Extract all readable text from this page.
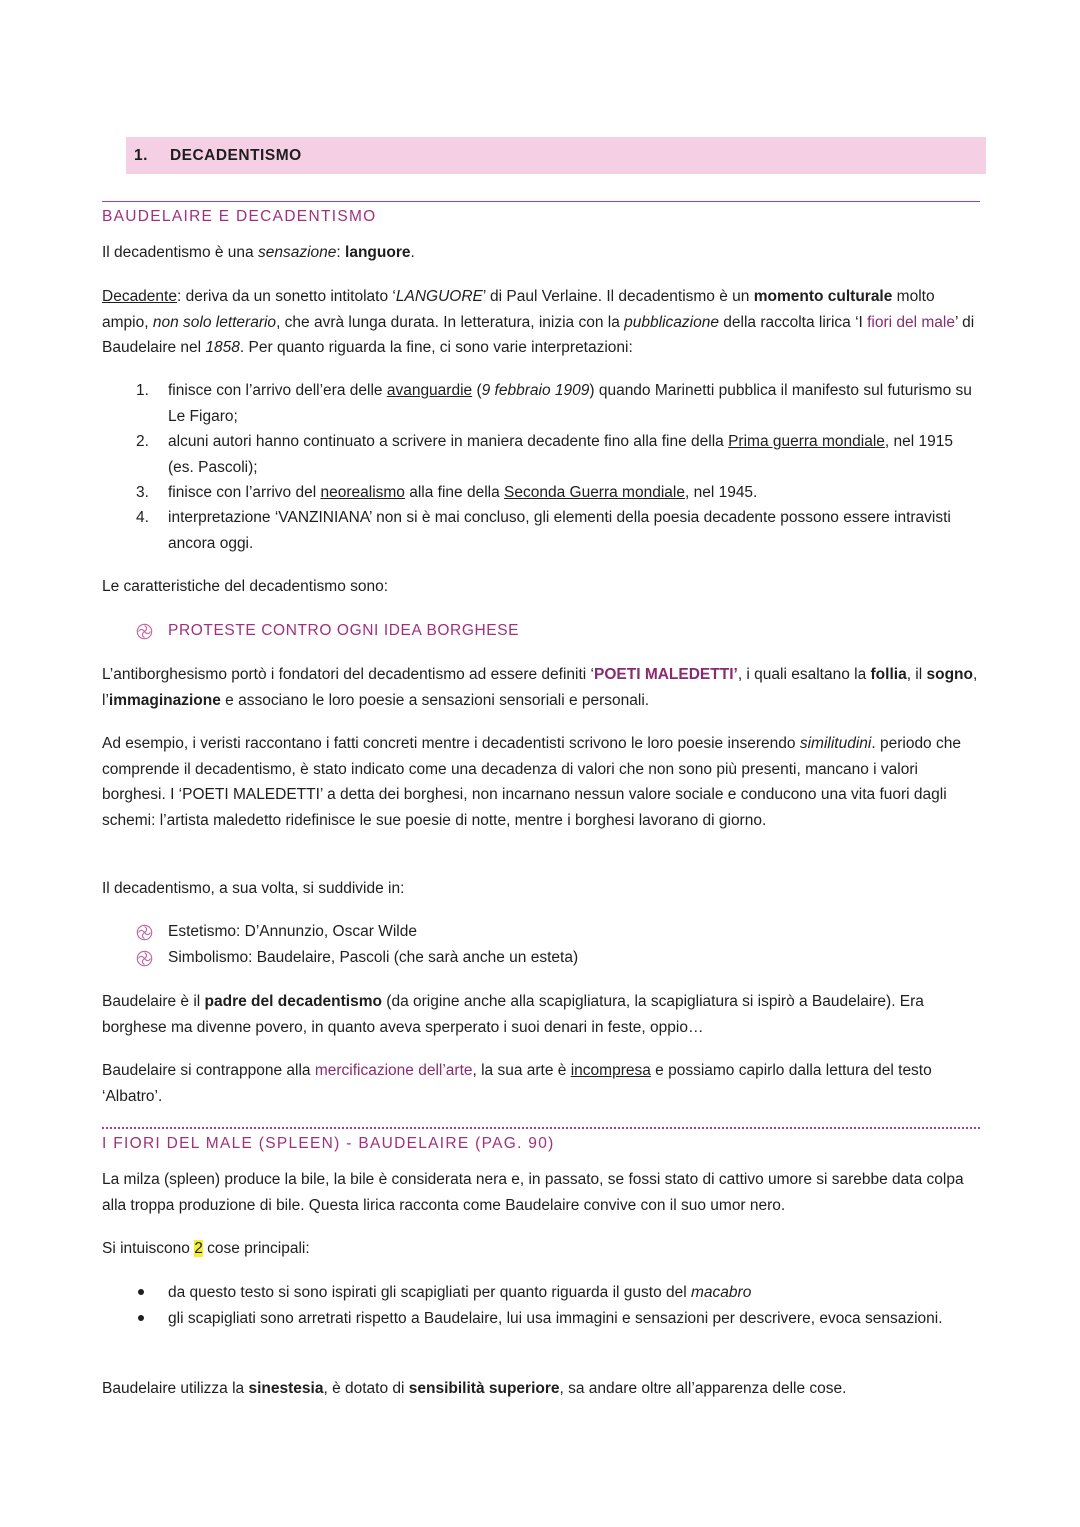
1. DECADENTISMO
BAUDELAIRE E DECADENTISMO
Il decadentismo è una sensazione: languore.
Decadente: deriva da un sonetto intitolato ‘LANGUORE’ di Paul Verlaine. Il decadentismo è un momento culturale molto ampio, non solo letterario, che avrà lunga durata. In letteratura, inizia con la pubblicazione della raccolta lirica ‘I fiori del male’ di Baudelaire nel 1858. Per quanto riguarda la fine, ci sono varie interpretazioni:
1. finisce con l’arrivo dell’era delle avanguardie (9 febbraio 1909) quando Marinetti pubblica il manifesto sul futurismo su Le Figaro;
2. alcuni autori hanno continuato a scrivere in maniera decadente fino alla fine della Prima guerra mondiale, nel 1915 (es. Pascoli);
3. finisce con l’arrivo del neorealismo alla fine della Seconda Guerra mondiale, nel 1945.
4. interpretazione ‘VANZINIANA’ non si è mai concluso, gli elementi della poesia decadente possono essere intravisti ancora oggi.
Le caratteristiche del decadentismo sono:
PROTESTE CONTRO OGNI IDEA BORGHESE
L’antiborghesismo portò i fondatori del decadentismo ad essere definiti ‘POETI MALEDETTI’, i quali esaltano la follia, il sogno, l’immaginazione e associano le loro poesie a sensazioni sensoriali e personali.
Ad esempio, i veristi raccontano i fatti concreti mentre i decadentisti scrivono le loro poesie inserendo similitudini. periodo che comprende il decadentismo, è stato indicato come una decadenza di valori che non sono più presenti, mancano i valori borghesi. I ‘POETI MALEDETTI’ a detta dei borghesi, non incarnano nessun valore sociale e conducono una vita fuori dagli schemi: l’artista maledetto ridefinisce le sue poesie di notte, mentre i borghesi lavorano di giorno.
Il decadentismo, a sua volta, si suddivide in:
Estetismo: D’Annunzio, Oscar Wilde
Simbolismo: Baudelaire, Pascoli (che sarà anche un esteta)
Baudelaire è il padre del decadentismo (da origine anche alla scapigliatura, la scapigliatura si ispirò a Baudelaire). Era borghese ma divenne povero, in quanto aveva sperperato i suoi denari in feste, oppio…
Baudelaire si contrappone alla mercificazione dell’arte, la sua arte è incompresa e possiamo capirlo dalla lettura del testo ‘Albatro’.
I FIORI DEL MALE (SPLEEN) - BAUDELAIRE (PAG. 90)
La milza (spleen) produce la bile, la bile è considerata nera e, in passato, se fossi stato di cattivo umore si sarebbe data colpa alla troppa produzione di bile. Questa lirica racconta come Baudelaire convive con il suo umor nero.
Si intuiscono 2 cose principali:
da questo testo si sono ispirati gli scapigliati per quanto riguarda il gusto del macabro
gli scapigliati sono arretrati rispetto a Baudelaire, lui usa immagini e sensazioni per descrivere, evoca sensazioni.
Baudelaire utilizza la sinestesia, è dotato di sensibilità superiore, sa andare oltre all’apparenza delle cose.
